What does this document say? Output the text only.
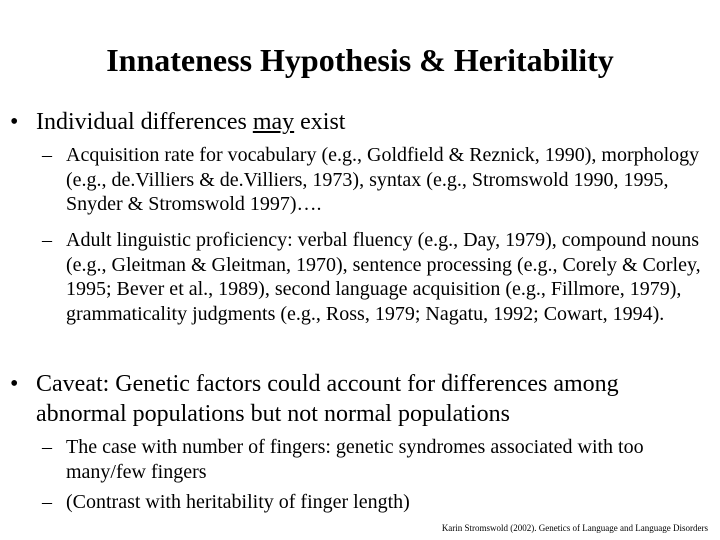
Innateness Hypothesis & Heritability
• Individual differences may exist
– Acquisition rate for vocabulary (e.g., Goldfield & Reznick, 1990), morphology (e.g., de.Villiers & de.Villiers, 1973), syntax (e.g., Stromswold 1990, 1995, Snyder & Stromswold 1997)….
– Adult linguistic proficiency: verbal fluency (e.g., Day, 1979), compound nouns (e.g., Gleitman & Gleitman, 1970), sentence processing (e.g., Corely & Corley, 1995; Bever et al., 1989), second language acquisition (e.g., Fillmore, 1979), grammaticality judgments (e.g., Ross, 1979; Nagatu, 1992; Cowart, 1994).
• Caveat: Genetic factors could account for differences among abnormal populations but not normal populations
– The case with number of fingers: genetic syndromes associated with too many/few fingers
– (Contrast with heritability of finger length)
Karin Stromswold (2002). Genetics of Language and Language Disorders
